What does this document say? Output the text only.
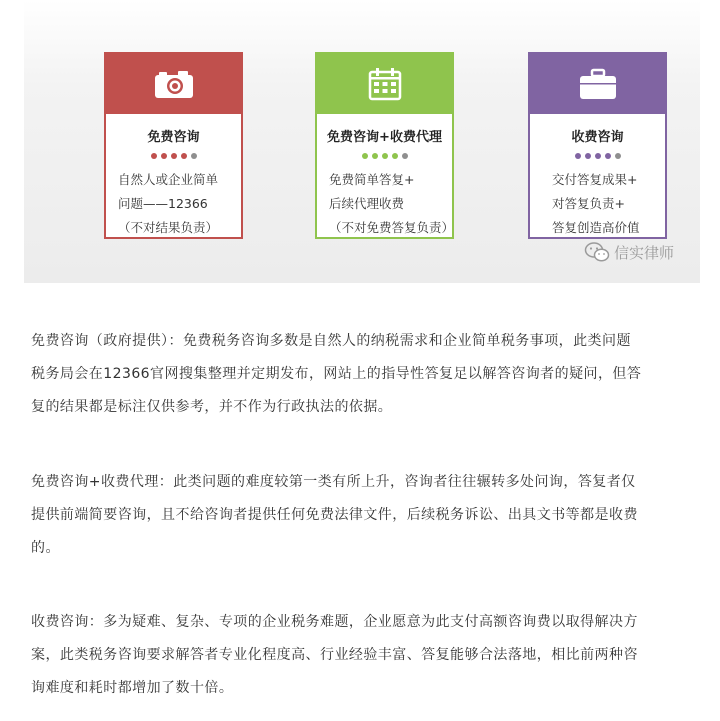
免费咨询
自然人或企业简单
问题——12366
（不对结果负责）
免费咨询+收费代理
免费简单答复+
后续代理收费
（不对免费答复负责）
收费咨询
交付答复成果+
对答复负责+
答复创造高价值
信实律师
免费咨询（政府提供）：免费税务咨询多数是自然人的纳税需求和企业简单税务事项，此类问题
税务局会在12366官网搜集整理并定期发布，网站上的指导性答复足以解答咨询者的疑问，但答
复的结果都是标注仅供参考，并不作为行政执法的依据。
免费咨询+收费代理：此类问题的难度较第一类有所上升，咨询者往往辗转多处问询，答复者仅
提供前端简要咨询，且不给咨询者提供任何免费法律文件，后续税务诉讼、出具文书等都是收费
的。
收费咨询：多为疑难、复杂、专项的企业税务难题，企业愿意为此支付高额咨询费以取得解决方
案，此类税务咨询要求解答者专业化程度高、行业经验丰富、答复能够合法落地，相比前两种咨
询难度和耗时都增加了数十倍。
